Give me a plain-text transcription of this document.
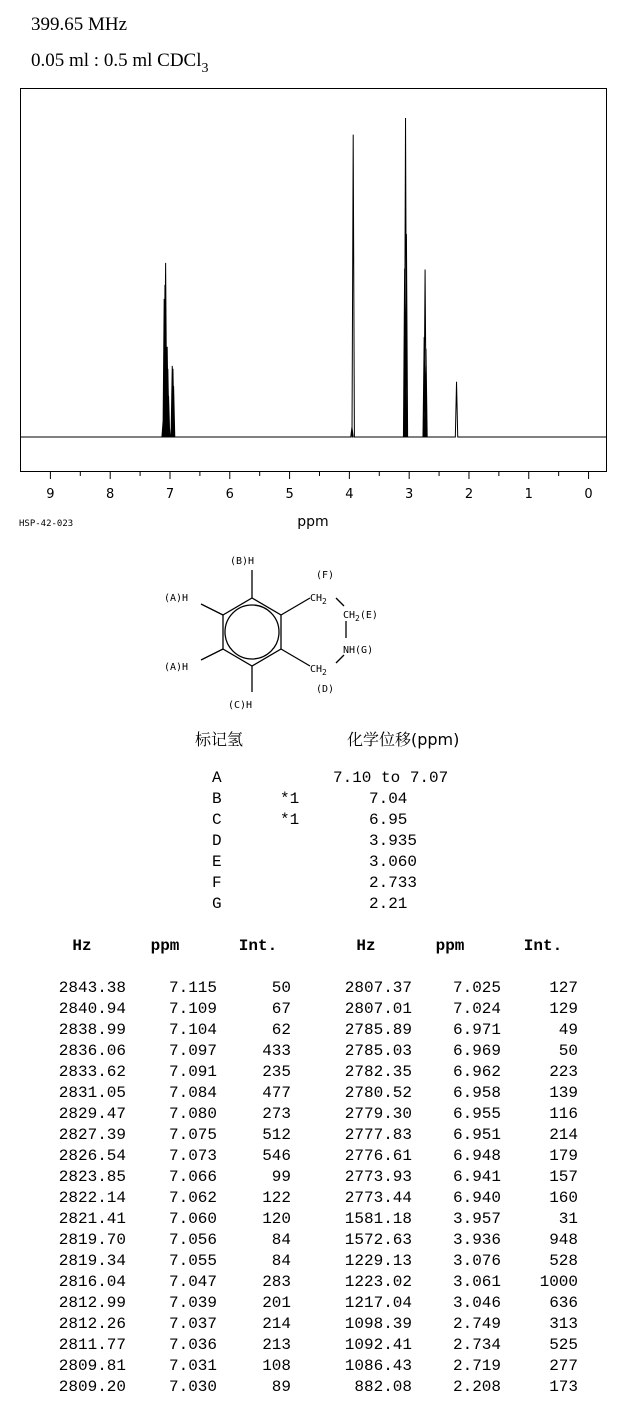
399.65 MHz
0.05 ml : 0.5 ml CDCl$_3$
9	8	7	6	5	4	3	2	1	0
ppm
HSP-42-023
(B)H
(A)H
(A)H
(C)H
(F)
$CH_2$
$CH_2(E)$
NH(G)
$CH_2$
(D)
标记氢	化学位移(ppm)
A	7.10 to 7.07
B	*1	7.04
C	*1	6.95
D	3.935
E	3.060
F	2.733
G	2.21
Hz	ppm	Int.	Hz	ppm	Int.
2843.38	7.115	50	2807.37	7.025	127
2840.94	7.109	67	2807.01	7.024	129
2838.99	7.104	62	2785.89	6.971	49
2836.06	7.097	433	2785.03	6.969	50
2833.62	7.091	235	2782.35	6.962	223
2831.05	7.084	477	2780.52	6.958	139
2829.47	7.080	273	2779.30	6.955	116
2827.39	7.075	512	2777.83	6.951	214
2826.54	7.073	546	2776.61	6.948	179
2823.85	7.066	99	2773.93	6.941	157
2822.14	7.062	122	2773.44	6.940	160
2821.41	7.060	120	1581.18	3.957	31
2819.70	7.056	84	1572.63	3.936	948
2819.34	7.055	84	1229.13	3.076	528
2816.04	7.047	283	1223.02	3.061	1000
2812.99	7.039	201	1217.04	3.046	636
2812.26	7.037	214	1098.39	2.749	313
2811.77	7.036	213	1092.41	2.734	525
2809.81	7.031	108	1086.43	2.719	277
2809.20	7.030	89	882.08	2.208	173
